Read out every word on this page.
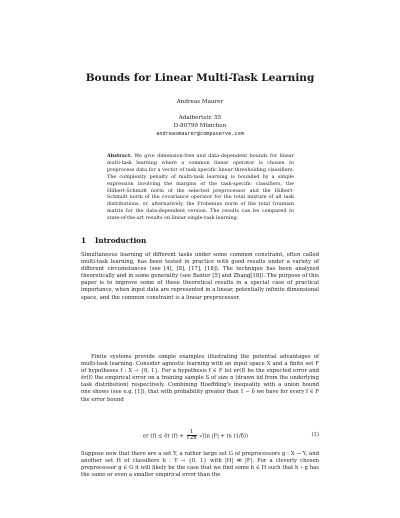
Bounds for Linear Multi-Task Learning
Andreas Maurer
Adalbertstr. 55
D-80799 München
andreasmaurer@compuserve.com
Abstract. We give dimension-free and data-dependent bounds for linear multi-task learning where a common linear operator is chosen to preprocess data for a vector of task specific linear-thresholding classifiers. The complexity penalty of multi-task learning is bounded by a simple expression involving the margins of the task-specific classifiers, the Hilbert-Schmidt norm of the selected preprocessor and the Hilbert-Schmidt norm of the covariance operator for the total mixture of all task distributions, or, alternatively, the Frobenius norm of the total Gramian matrix for the data-dependent version. The results can be compared to state-of-the-art results on linear single-task learning.
1 Introduction
Simultaneous learning of different tasks under some common constraint, often called multi-task learning, has been tested in practice with good results under a variety of different circumstances (see [4], [8], [17], [18]). The technique has been analyzed theoretically and in some generality (see Baxter [5] and Zhang[18]). The purpose of this paper is to improve some of these theoretical results in a special case of practical importance, when input data are represented in a linear, potentially infinite dimensional space, and the common constraint is a linear preprocessor.
Finite systems provide simple examples illustrating the potential advantages of multi-task learning. Consider agnostic learning with an input space X and a finite set F of hypotheses f : X → {0, 1}. For a hypothesis f ∈ F let er(f) be the expected error and êr(f) the empirical error on a training sample S of size n (drawn iid from the underlying task distribution) respectively. Combining Hoeffding's inequality with a union bound one shows (see e.g. [1]), that with probability greater than 1 − δ we have for every f ∈ F the error bound
er (f) ≤ êr $(f) + \frac{1}{√2n} √(\ln$ |F| + ln (1/δ))	(1)
Suppose now that there are a set Y, a rather large set G of preprocessors g : X → Y, and another set H of classifiers h : Y → {0, 1} with |H| ≪ |F|. For a cleverly chosen preprocessor g ∈ G it will likely be the case that we find some h ∈ H such that h ∘ g has the same or even a smaller empirical error than the
